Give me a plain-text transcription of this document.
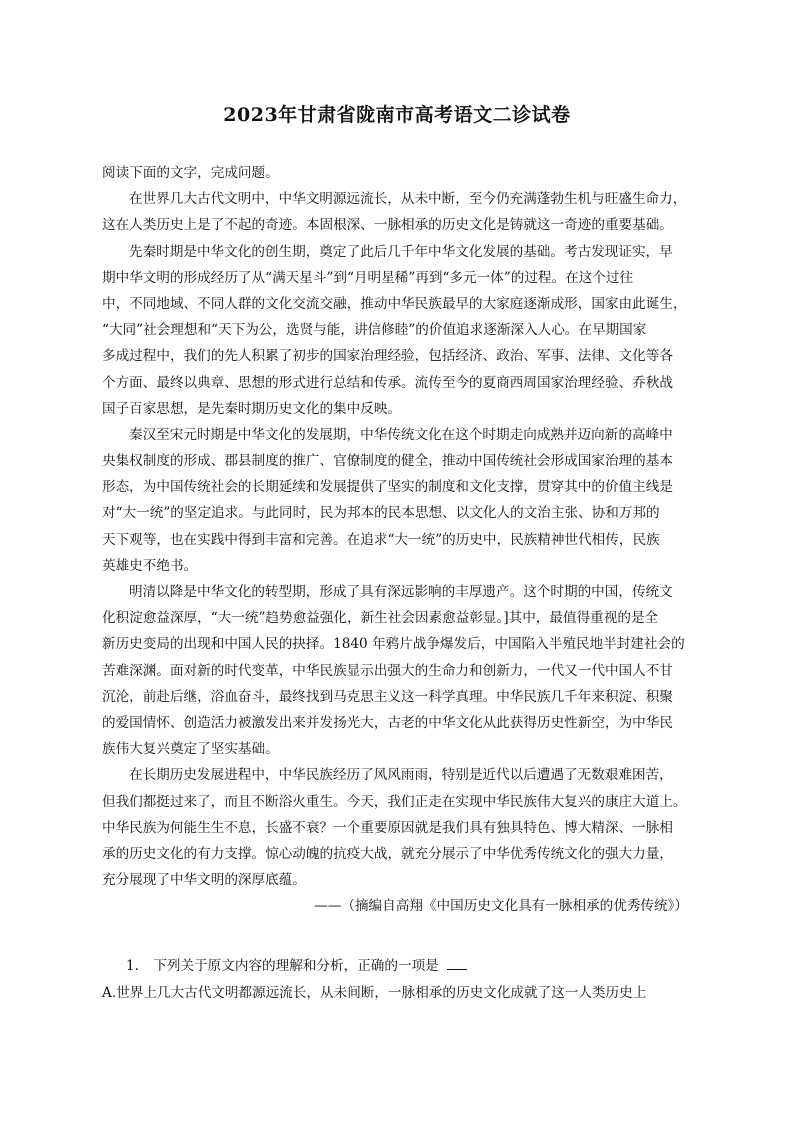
2023年甘肃省陇南市高考语文二诊试卷
阅读下面的文字，完成问题。
在世界几大古代文明中，中华文明源远流长，从未中断，至今仍充满蓬勃生机与旺盛生命力，
这在人类历史上是了不起的奇迹。本固根深、一脉相承的历史文化是铸就这一奇迹的重要基础。
先秦时期是中华文化的创生期，奠定了此后几千年中华文化发展的基础。考古发现证实，早
期中华文明的形成经历了从“满天星斗”到“月明星稀”再到“多元一体”的过程。在这个过往
中，不同地域、不同人群的文化交流交融，推动中华民族最早的大家庭逐渐成形，国家由此诞生，
“大同”社会理想和“天下为公，选贤与能，讲信修睦”的价值追求逐渐深入人心。在早期国家
多成过程中，我们的先人积累了初步的国家治理经验，包括经济、政治、军事、法律、文化等各
个方面、最终以典章、思想的形式进行总结和传承。流传至今的夏商西周国家治理经验、乔秋战
国子百家思想，是先秦时期历史文化的集中反映。
秦汉至宋元时期是中华文化的发展期，中华传统文化在这个时期走向成熟并迈向新的高峰中
央集权制度的形成、郡县制度的推广、官僚制度的健全，推动中国传统社会形成国家治理的基本
形态，为中国传统社会的长期延续和发展提供了坚实的制度和文化支撑，贯穿其中的价值主线是
对“大一统”的坚定追求。与此同时，民为邦本的民本思想、以文化人的文治主张、协和万邦的
天下观等，也在实践中得到丰富和完善。在追求“大一统”的历史中，民族精神世代相传，民族
英雄史不绝书。
明清以降是中华文化的转型期，形成了具有深远影响的丰厚遗产。这个时期的中国，传统文
化积淀愈益深厚，“大一统”趋势愈益强化，新生社会因素愈益彰显。]其中，最值得重视的是全
新历史变局的出现和中国人民的抉择。1840 年鸦片战争爆发后，中国陷入半殖民地半封建社会的
苦难深渊。面对新的时代变革，中华民族显示出强大的生命力和创新力，一代又一代中国人不甘
沉沦，前赴后继，浴血奋斗，最终找到马克思主义这一科学真理。中华民族几千年来积淀、积聚
的爱国情怀、创造活力被激发出来并发扬光大，古老的中华文化从此获得历史性新空，为中华民
族伟大复兴奠定了坚实基础。
在长期历史发展进程中，中华民族经历了风风雨雨，特别是近代以后遭遇了无数艰难困苦，
但我们都挺过来了，而且不断浴火重生。今天，我们正走在实现中华民族伟大复兴的康庄大道上。
中华民族为何能生生不息，长盛不衰？一个重要原因就是我们具有独具特色、博大精深、一脉相
承的历史文化的有力支撑。惊心动魄的抗疫大战，就充分展示了中华优秀传统文化的强大力量，
充分展现了中华文明的深厚底蕴。
——（摘编自高翔《中国历史文化具有一脉相承的优秀传统》）
1. 下列关于原文内容的理解和分析，正确的一项是
A.世界上几大古代文明都源远流长，从未间断，一脉相承的历史文化成就了这一人类历史上
